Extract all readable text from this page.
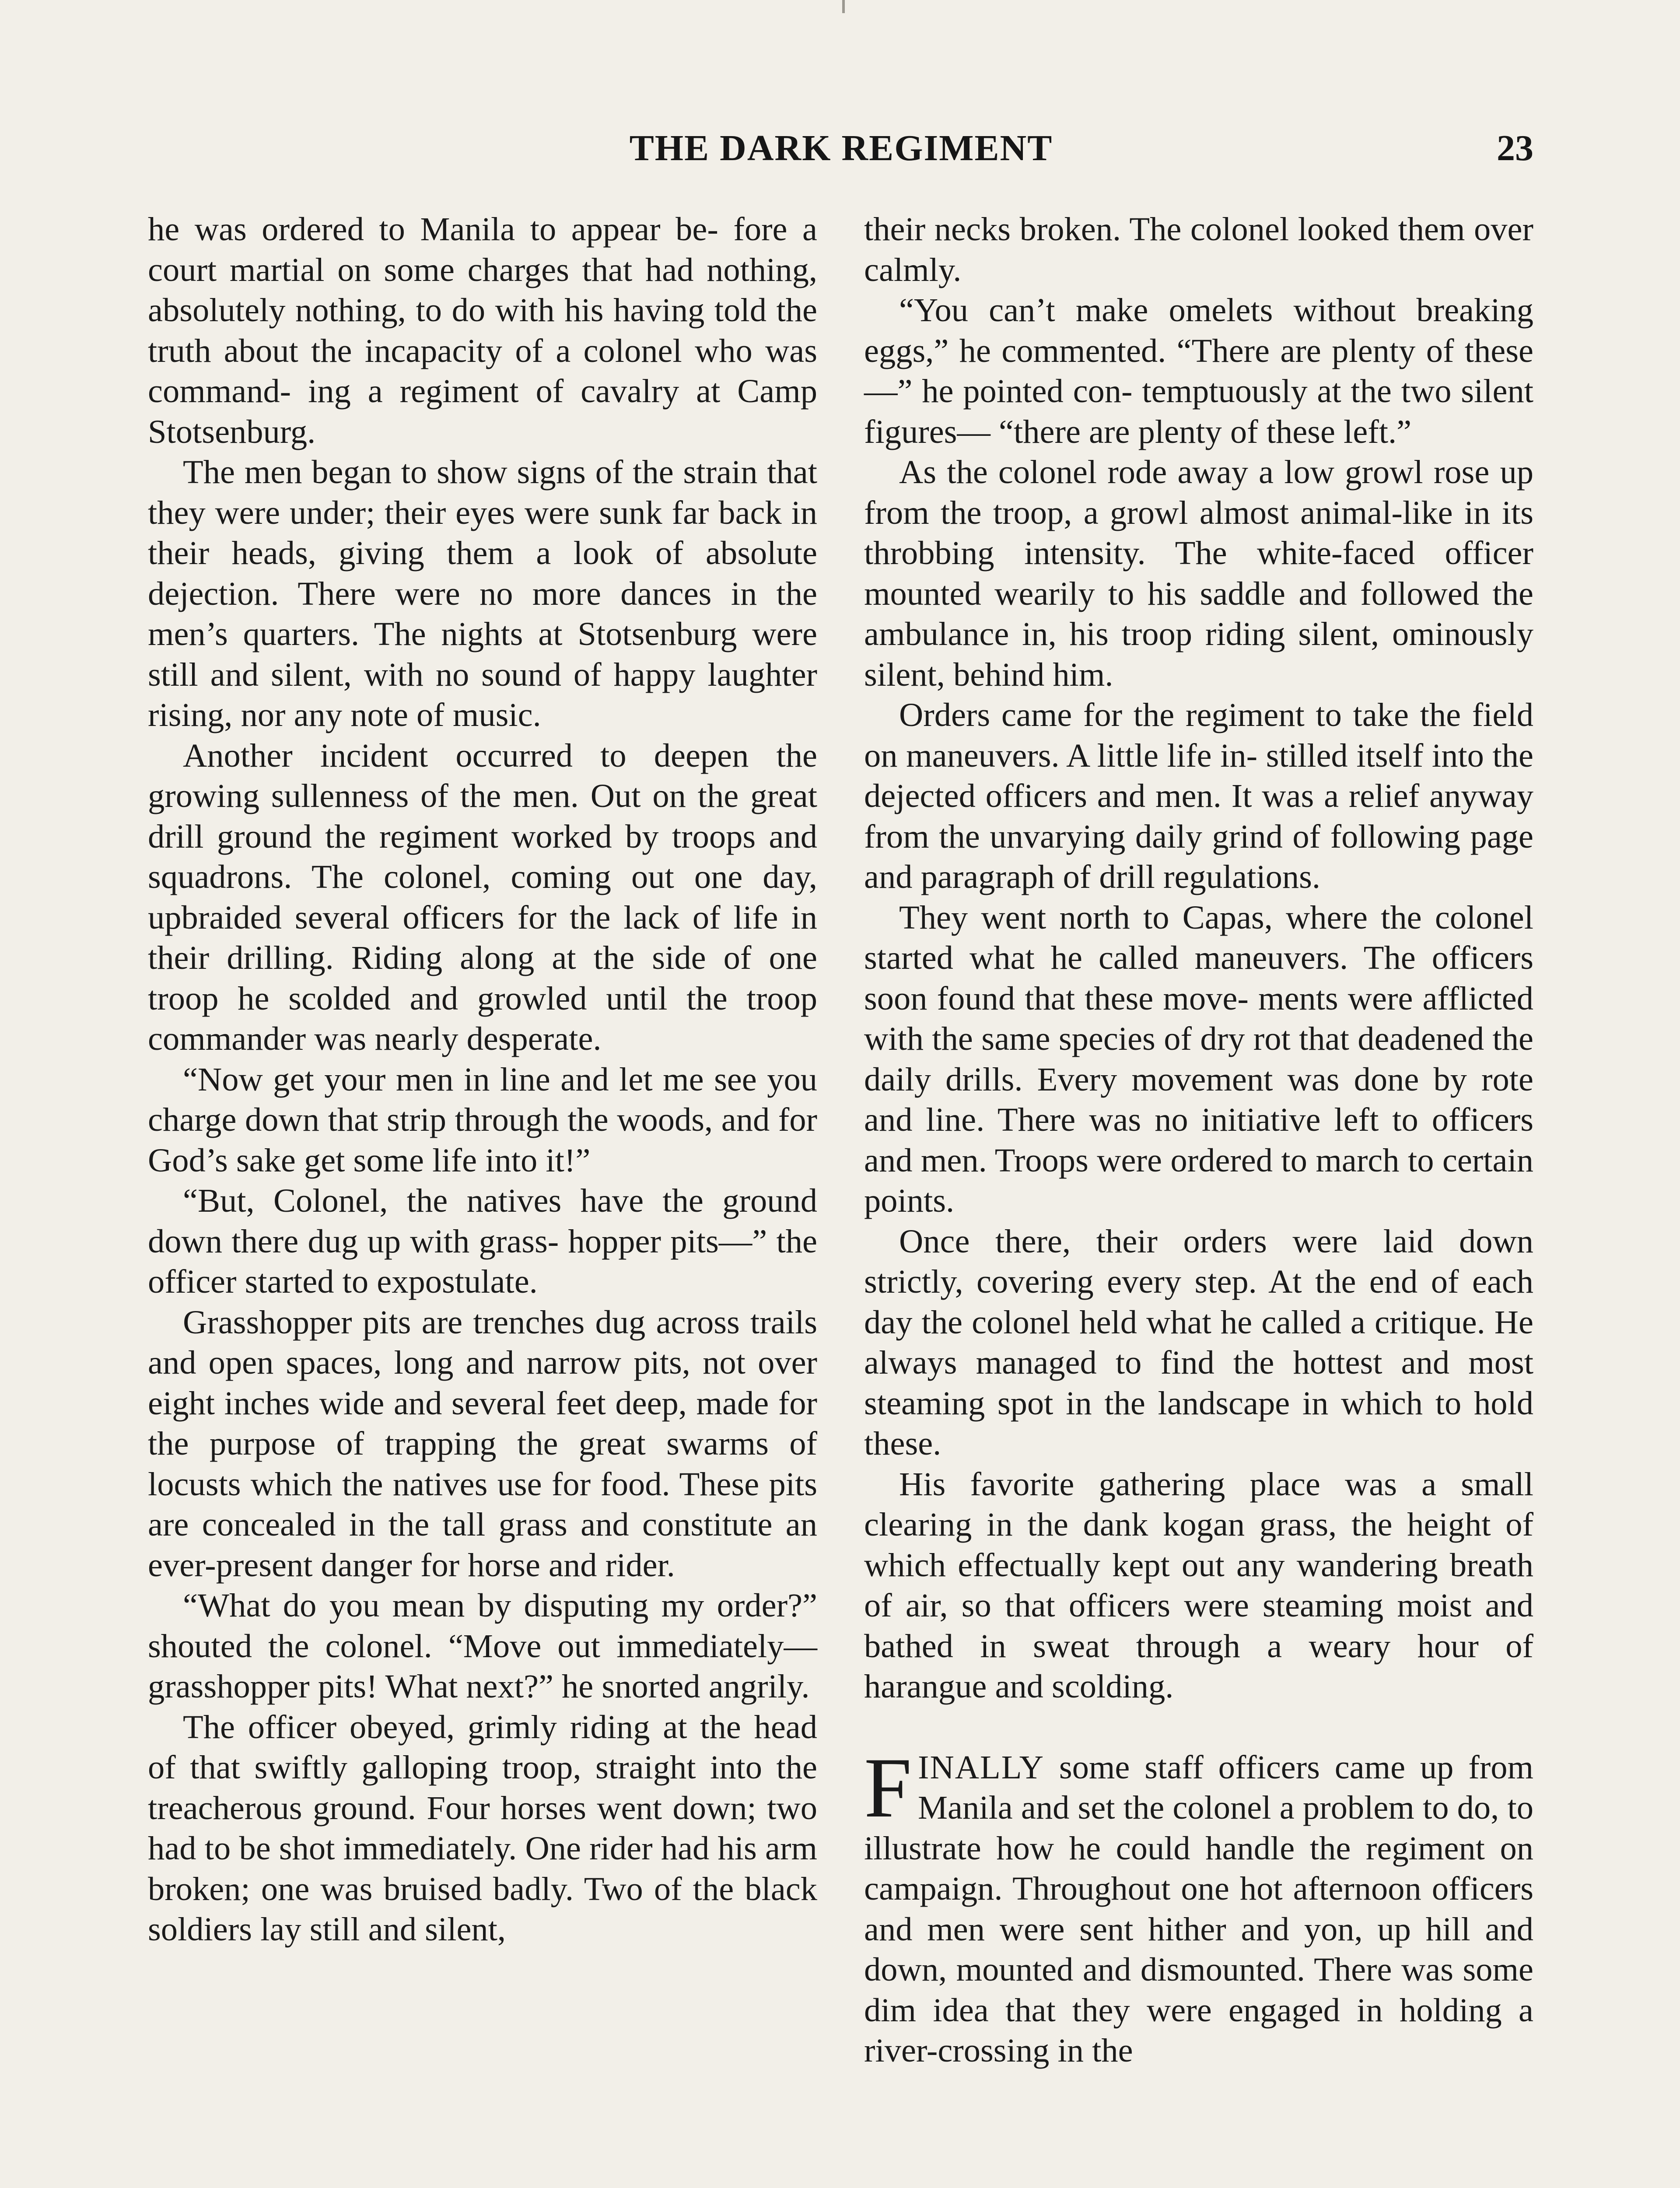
THE DARK REGIMENT	23

he was ordered to Manila to appear be- fore a court martial on some charges that had nothing, absolutely nothing, to do with his having told the truth about the incapacity of a colonel who was command- ing a regiment of cavalry at Camp Stotsenburg.

The men began to show signs of the strain that they were under; their eyes were sunk far back in their heads, giving them a look of absolute dejection. There were no more dances in the men’s quarters. The nights at Stotsenburg were still and silent, with no sound of happy laughter rising, nor any note of music.

Another incident occurred to deepen the growing sullenness of the men. Out on the great drill ground the regiment worked by troops and squadrons. The colonel, coming out one day, upbraided several officers for the lack of life in their drilling. Riding along at the side of one troop he scolded and growled until the troop commander was nearly desperate.

“Now get your men in line and let me see you charge down that strip through the woods, and for God’s sake get some life into it!”

“But, Colonel, the natives have the ground down there dug up with grass- hopper pits—” the officer started to expostulate.

Grasshopper pits are trenches dug across trails and open spaces, long and narrow pits, not over eight inches wide and several feet deep, made for the purpose of trapping the great swarms of locusts which the natives use for food. These pits are concealed in the tall grass and constitute an ever-present danger for horse and rider.

“What do you mean by disputing my order?” shouted the colonel. “Move out immediately—grasshopper pits! What next?” he snorted angrily.

The officer obeyed, grimly riding at the head of that swiftly galloping troop, straight into the treacherous ground. Four horses went down; two had to be shot immediately. One rider had his arm broken; one was bruised badly. Two of the black soldiers lay still and silent,

their necks broken. The colonel looked them over calmly.

“You can’t make omelets without breaking eggs,” he commented. “There are plenty of these—” he pointed con- temptuously at the two silent figures— “there are plenty of these left.”

As the colonel rode away a low growl rose up from the troop, a growl almost animal-like in its throbbing intensity. The white-faced officer mounted wearily to his saddle and followed the ambulance in, his troop riding silent, ominously silent, behind him.

Orders came for the regiment to take the field on maneuvers. A little life in- stilled itself into the dejected officers and men. It was a relief anyway from the unvarying daily grind of following page and paragraph of drill regulations.

They went north to Capas, where the colonel started what he called maneuvers. The officers soon found that these move- ments were afflicted with the same species of dry rot that deadened the daily drills. Every movement was done by rote and line. There was no initiative left to officers and men. Troops were ordered to march to certain points.

Once there, their orders were laid down strictly, covering every step. At the end of each day the colonel held what he called a critique. He always managed to find the hottest and most steaming spot in the landscape in which to hold these.

His favorite gathering place was a small clearing in the dank kogan grass, the height of which effectually kept out any wandering breath of air, so that officers were steaming moist and bathed in sweat through a weary hour of harangue and scolding.

FINALLY some staff officers came up from Manila and set the colonel a problem to do, to illustrate how he could handle the regiment on campaign. Throughout one hot afternoon officers and men were sent hither and yon, up hill and down, mounted and dismounted. There was some dim idea that they were engaged in holding a river-crossing in the
